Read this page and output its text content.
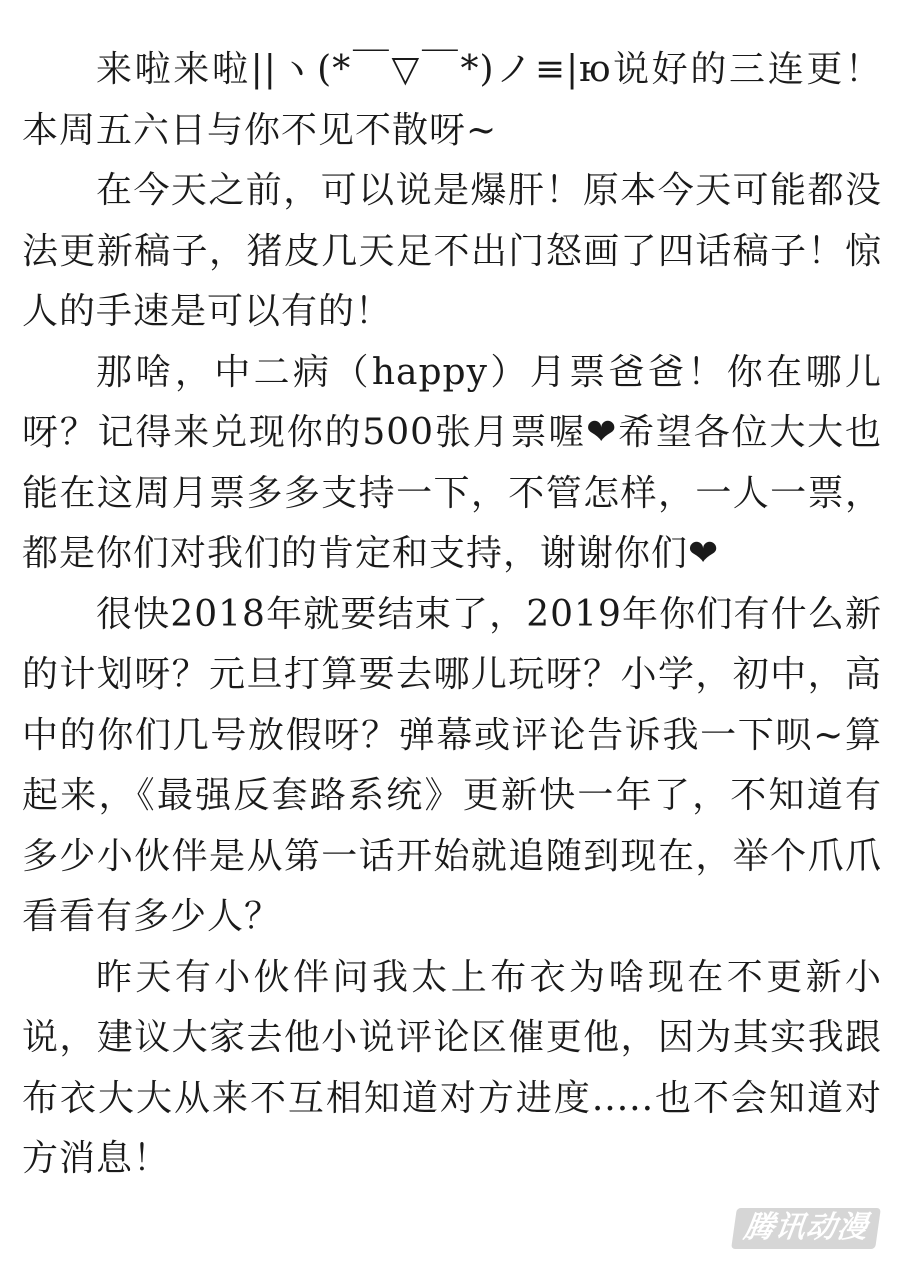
来啦来啦||ヽ(*￣▽￣*)ノ≡|ю说好的三连更！本周五六日与你不见不散呀~

在今天之前，可以说是爆肝！原本今天可能都没法更新稿子，猪皮几天足不出门怒画了四话稿子！惊人的手速是可以有的！

那啥，中二病（happy）月票爸爸！你在哪儿呀？记得来兑现你的500张月票喔❤希望各位大大也能在这周月票多多支持一下，不管怎样，一人一票，都是你们对我们的肯定和支持，谢谢你们❤

很快2018年就要结束了，2019年你们有什么新的计划呀？元旦打算要去哪儿玩呀？小学，初中，高中的你们几号放假呀？弹幕或评论告诉我一下呗~算起来，《最强反套路系统》更新快一年了，不知道有多少小伙伴是从第一话开始就追随到现在，举个爪爪看看有多少人？

昨天有小伙伴问我太上布衣为啥现在不更新小说，建议大家去他小说评论区催更他，因为其实我跟布衣大大从来不互相知道对方进度.....也不会知道对方消息！

腾讯动漫
